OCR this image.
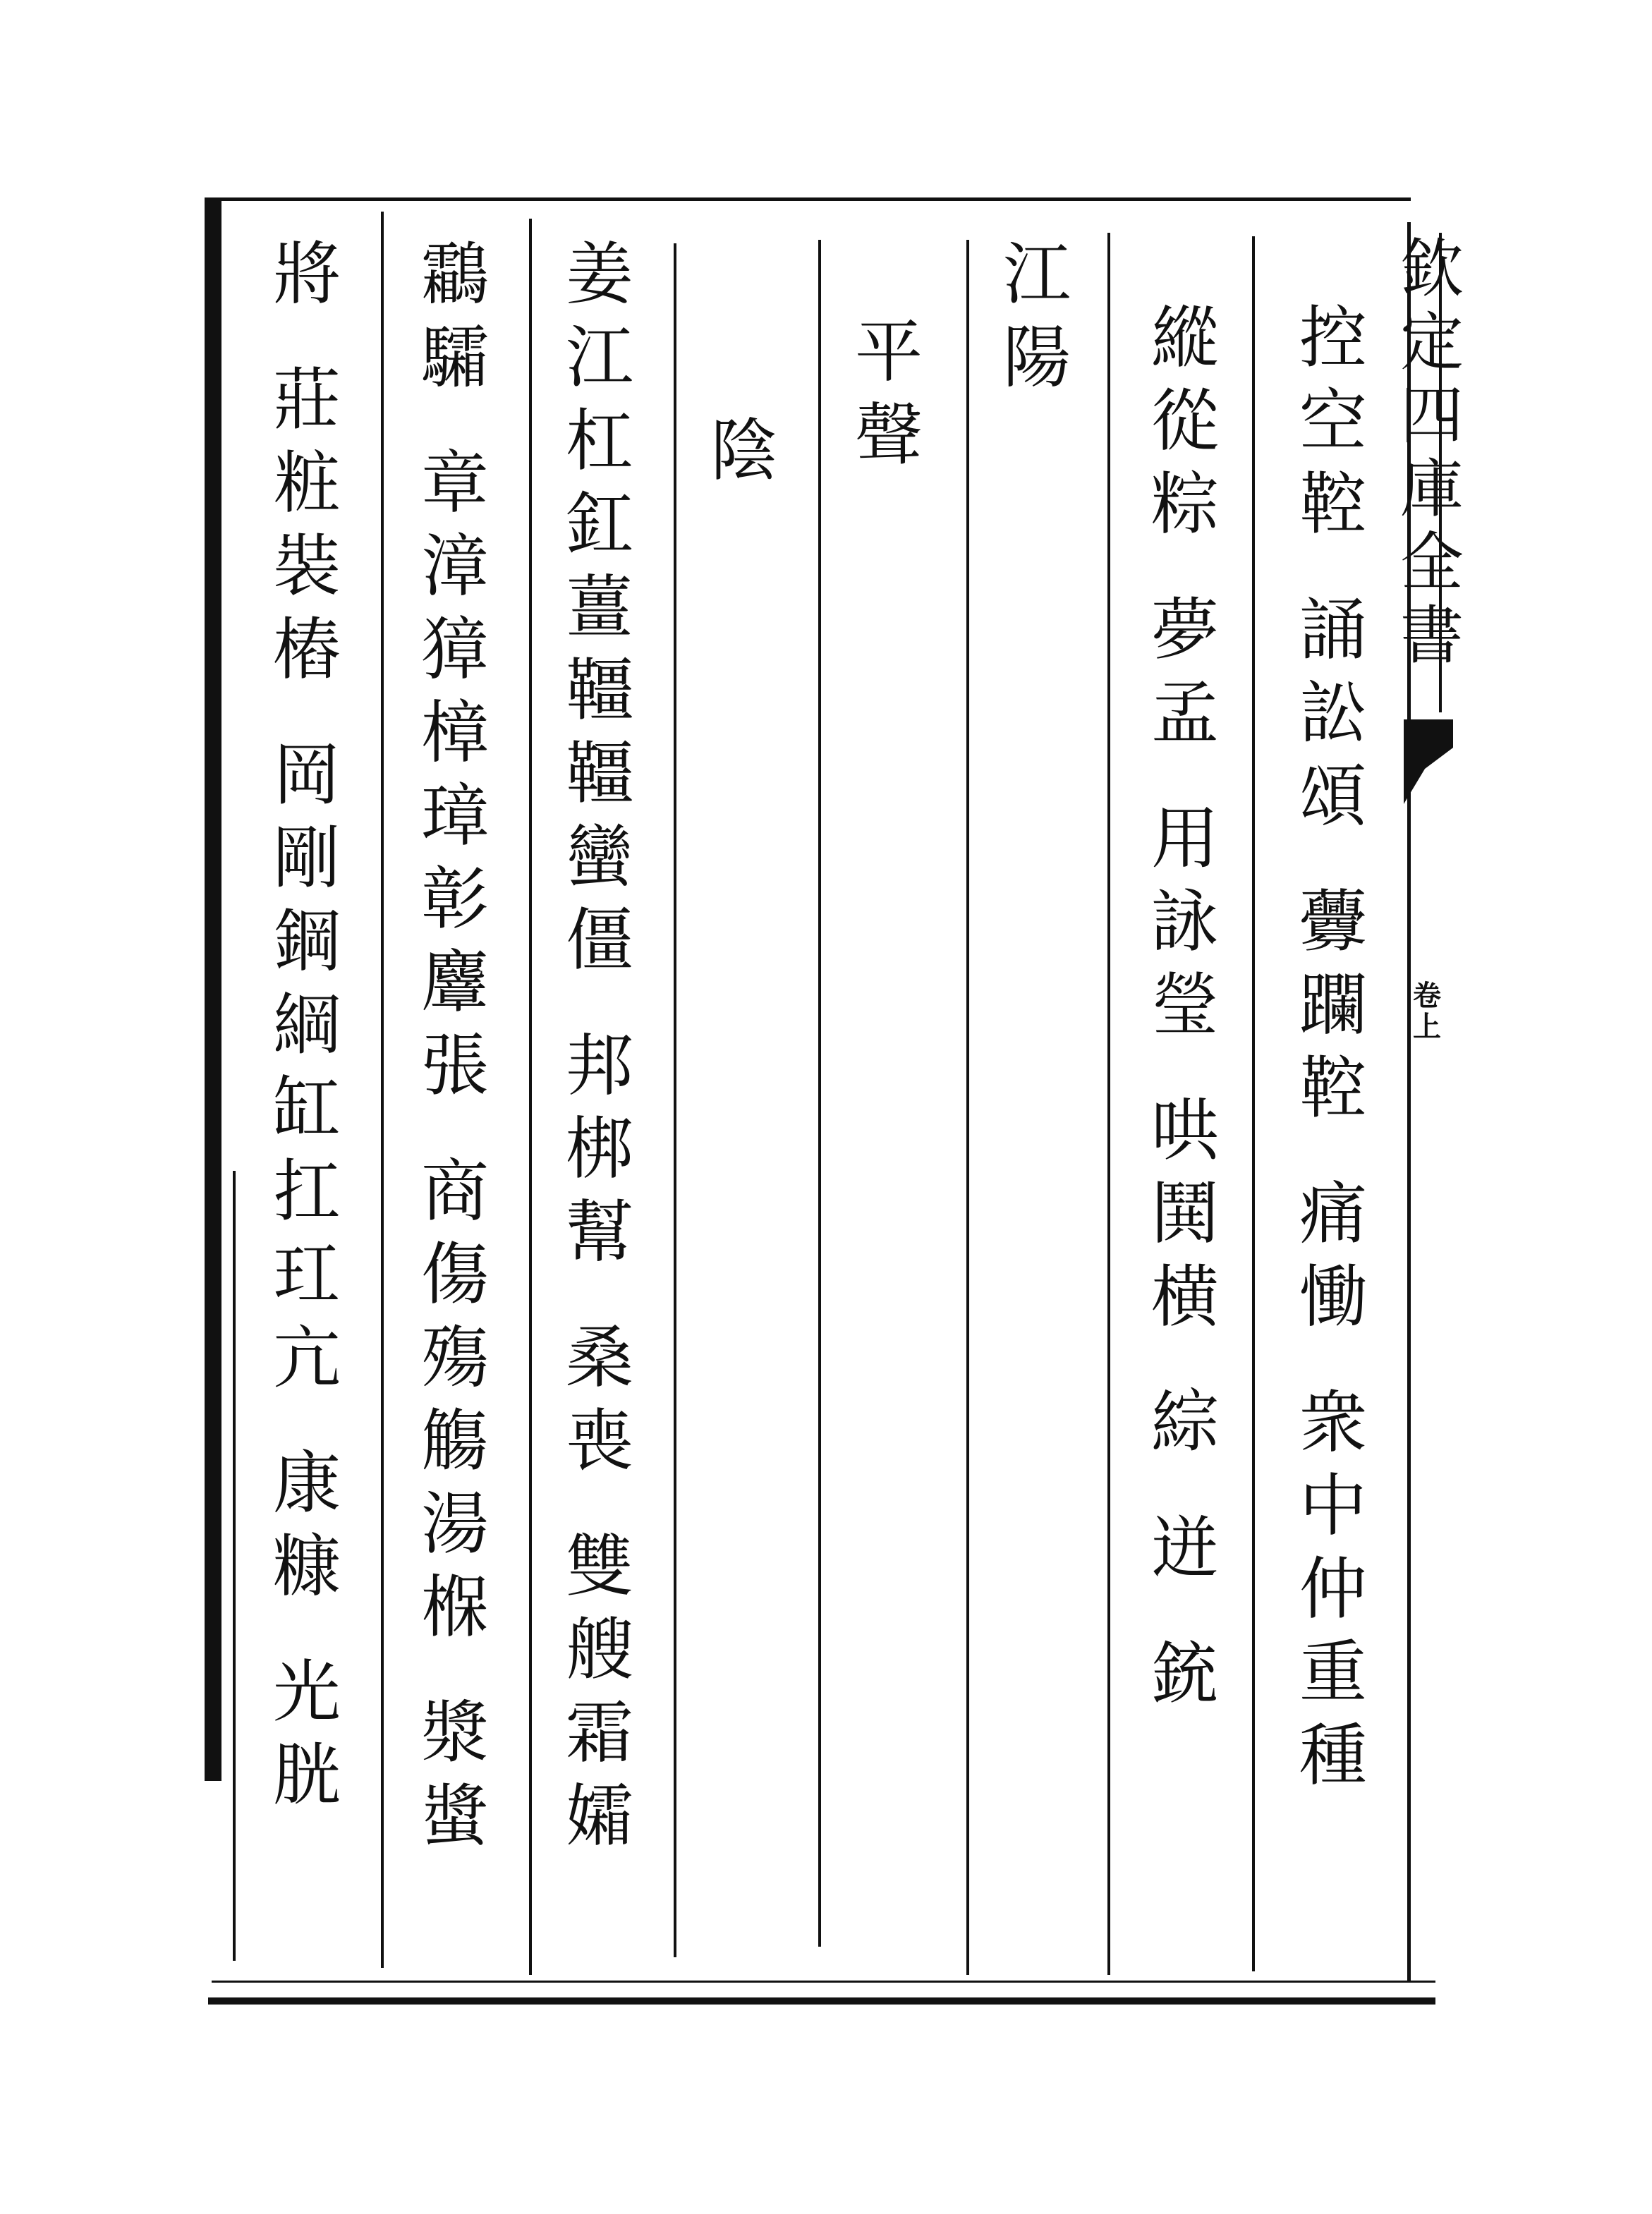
欽
定
四
庫
全
書
卷
上
控
空
鞚
誦
訟
頌
虋
躝
鞚
痛
慟
衆
中
仲
重
種
縱
從
粽
夢
孟
用
詠
瑩
哄
鬨
横
綜
迸
銃
江
陽
平
聲
陰
姜
江
杠
釭
薑
韁
韁
蠻
僵
邦
梆
幫
桑
喪
雙
艘
霜
孀
鸘
驦
章
漳
獐
樟
璋
彰
麞
張
商
傷
殤
觴
湯
椺
漿
螿
將
莊
粧
裝
樁
岡
剛
鋼
綱
缸
扛
玒
亢
康
糠
光
胱
